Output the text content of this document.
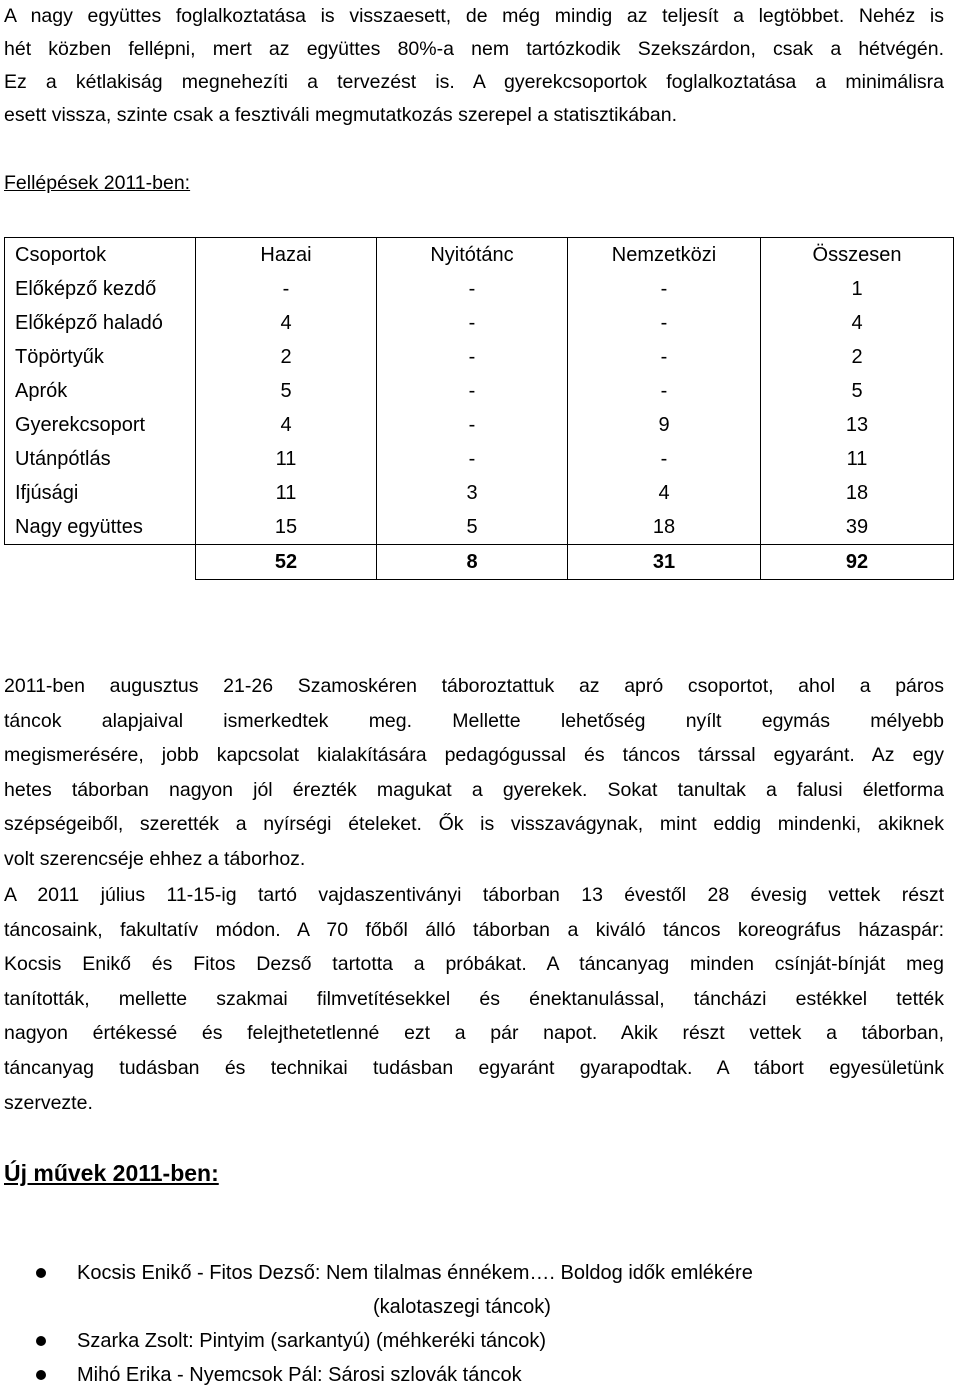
A nagy együttes foglalkoztatása is visszaesett, de még mindig az teljesít a legtöbbet. Nehéz is
hét közben fellépni, mert az együttes 80%-a nem tartózkodik Szekszárdon, csak a hétvégén.
Ez a kétlakiság megnehezíti a tervezést is. A gyerekcsoportok foglalkoztatása a minimálisra
esett vissza, szinte csak a fesztiváli megmutatkozás szerepel a statisztikában.
Fellépések 2011-ben:
Csoportok	Hazai	Nyitótánc	Nemzetközi	Összesen
Előképző kezdő	-	-	-	1
Előképző haladó	4	-	-	4
Töpörtyűk	2	-	-	2
Aprók	5	-	-	5
Gyerekcsoport	4	-	9	13
Utánpótlás	11	-	-	11
Ifjúsági	11	3	4	18
Nagy együttes	15	5	18	39
	52	8	31	92
2011-ben augusztus 21-26 Szamoskéren táboroztattuk az apró csoportot, ahol a páros
táncok alapjaival ismerkedtek meg. Mellette lehetőség nyílt egymás mélyebb
megismerésére, jobb kapcsolat kialakítására pedagógussal és táncos társsal egyaránt. Az egy
hetes táborban nagyon jól érezték magukat a gyerekek. Sokat tanultak a falusi életforma
szépségeiből, szerették a nyírségi ételeket. Ők is visszavágynak, mint eddig mindenki, akiknek
volt szerencséje ehhez a táborhoz.
A 2011 július 11-15-ig tartó vajdaszentiványi táborban 13 évestől 28 évesig vettek részt
táncosaink, fakultatív módon. A 70 főből álló táborban a kiváló táncos koreográfus házaspár:
Kocsis Enikő és Fitos Dezső tartotta a próbákat. A táncanyag minden csínját-bínját meg
tanították, mellette szakmai filmvetítésekkel és énektanulással, táncházi estékkel tették
nagyon értékessé és felejthetetlenné ezt a pár napot. Akik részt vettek a táborban,
táncanyag tudásban és technikai tudásban egyaránt gyarapodtak. A tábort egyesületünk
szervezte.
Új művek 2011-ben:
Kocsis Enikő - Fitos Dezső: Nem tilalmas énnékem…. Boldog idők emlékére
(kalotaszegi táncok)
Szarka Zsolt: Pintyim (sarkantyú) (méhkeréki táncok)
Mihó Erika - Nyemcsok Pál: Sárosi szlovák táncok
